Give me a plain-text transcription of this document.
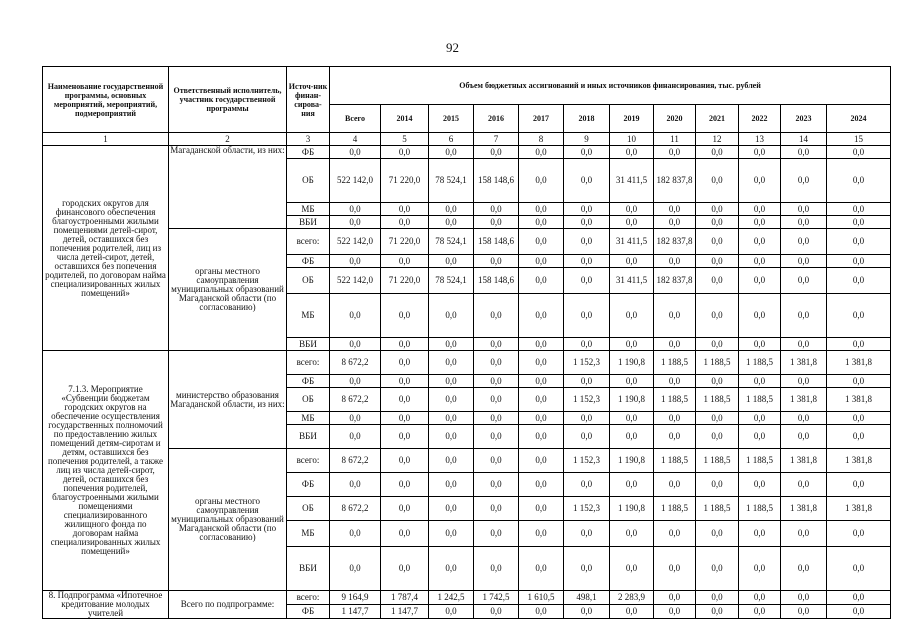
92
Наименование государственной программы, основных мероприятий, мероприятий, подмероприятий	Ответственный исполнитель, участник государственной программы	Источ-ник финан-сирова-ния	Объем бюджетных ассигнований и иных источников финансирования, тыс. рублей											
			Всего	2014	2015	2016	2017	2018	2019	2020	2021	2022	2023	2024
1	2	3	4	5	6	7	8	9	10	11	12	13	14	15
городских округов для финансового обеспечения благоустроенными жилыми помещениями детей-сирот, детей, оставшихся без попечения родителей, лиц из числа детей-сирот, детей, оставшихся без попечения родителей, по договорам найма специализированных жилых помещений»	Магаданской области, из них:	ФБ	0,0	0,0	0,0	0,0	0,0	0,0	0,0	0,0	0,0	0,0	0,0	0,0
		ОБ	522 142,0	71 220,0	78 524,1	158 148,6	0,0	0,0	31 411,5	182 837,8	0,0	0,0	0,0	0,0
		МБ	0,0	0,0	0,0	0,0	0,0	0,0	0,0	0,0	0,0	0,0	0,0	0,0
		ВБИ	0,0	0,0	0,0	0,0	0,0	0,0	0,0	0,0	0,0	0,0	0,0	0,0
	органы местного самоуправления муниципальных образований Магаданской области (по согласованию)	всего:	522 142,0	71 220,0	78 524,1	158 148,6	0,0	0,0	31 411,5	182 837,8	0,0	0,0	0,0	0,0
		ФБ	0,0	0,0	0,0	0,0	0,0	0,0	0,0	0,0	0,0	0,0	0,0	0,0
		ОБ	522 142,0	71 220,0	78 524,1	158 148,6	0,0	0,0	31 411,5	182 837,8	0,0	0,0	0,0	0,0
		МБ	0,0	0,0	0,0	0,0	0,0	0,0	0,0	0,0	0,0	0,0	0,0	0,0
		ВБИ	0,0	0,0	0,0	0,0	0,0	0,0	0,0	0,0	0,0	0,0	0,0	0,0
7.1.3. Мероприятие «Субвенции бюджетам городских округов на обеспечение осуществления государственных полномочий по предоставлению жилых помещений детям-сиротам и детям, оставшихся без попечения родителей, а также лиц из числа детей-сирот, детей, оставшихся без попечения родителей, благоустроенными жилыми помещениями специализированного жилищного фонда по договорам найма специализированных жилых помещений»	министерство образования Магаданской области, из них:	всего:	8 672,2	0,0	0,0	0,0	0,0	1 152,3	1 190,8	1 188,5	1 188,5	1 188,5	1 381,8	1 381,8
		ФБ	0,0	0,0	0,0	0,0	0,0	0,0	0,0	0,0	0,0	0,0	0,0	0,0
		ОБ	8 672,2	0,0	0,0	0,0	0,0	1 152,3	1 190,8	1 188,5	1 188,5	1 188,5	1 381,8	1 381,8
		МБ	0,0	0,0	0,0	0,0	0,0	0,0	0,0	0,0	0,0	0,0	0,0	0,0
		ВБИ	0,0	0,0	0,0	0,0	0,0	0,0	0,0	0,0	0,0	0,0	0,0	0,0
	органы местного самоуправления муниципальных образований Магаданской области (по согласованию)	всего:	8 672,2	0,0	0,0	0,0	0,0	1 152,3	1 190,8	1 188,5	1 188,5	1 188,5	1 381,8	1 381,8
		ФБ	0,0	0,0	0,0	0,0	0,0	0,0	0,0	0,0	0,0	0,0	0,0	0,0
		ОБ	8 672,2	0,0	0,0	0,0	0,0	1 152,3	1 190,8	1 188,5	1 188,5	1 188,5	1 381,8	1 381,8
		МБ	0,0	0,0	0,0	0,0	0,0	0,0	0,0	0,0	0,0	0,0	0,0	0,0
		ВБИ	0,0	0,0	0,0	0,0	0,0	0,0	0,0	0,0	0,0	0,0	0,0	0,0
8. Подпрограмма «Ипотечное кредитование молодых учителей	Всего по подпрограмме:	всего:	9 164,9	1 787,4	1 242,5	1 742,5	1 610,5	498,1	2 283,9	0,0	0,0	0,0	0,0	0,0
		ФБ	1 147,7	1 147,7	0,0	0,0	0,0	0,0	0,0	0,0	0,0	0,0	0,0	0,0
